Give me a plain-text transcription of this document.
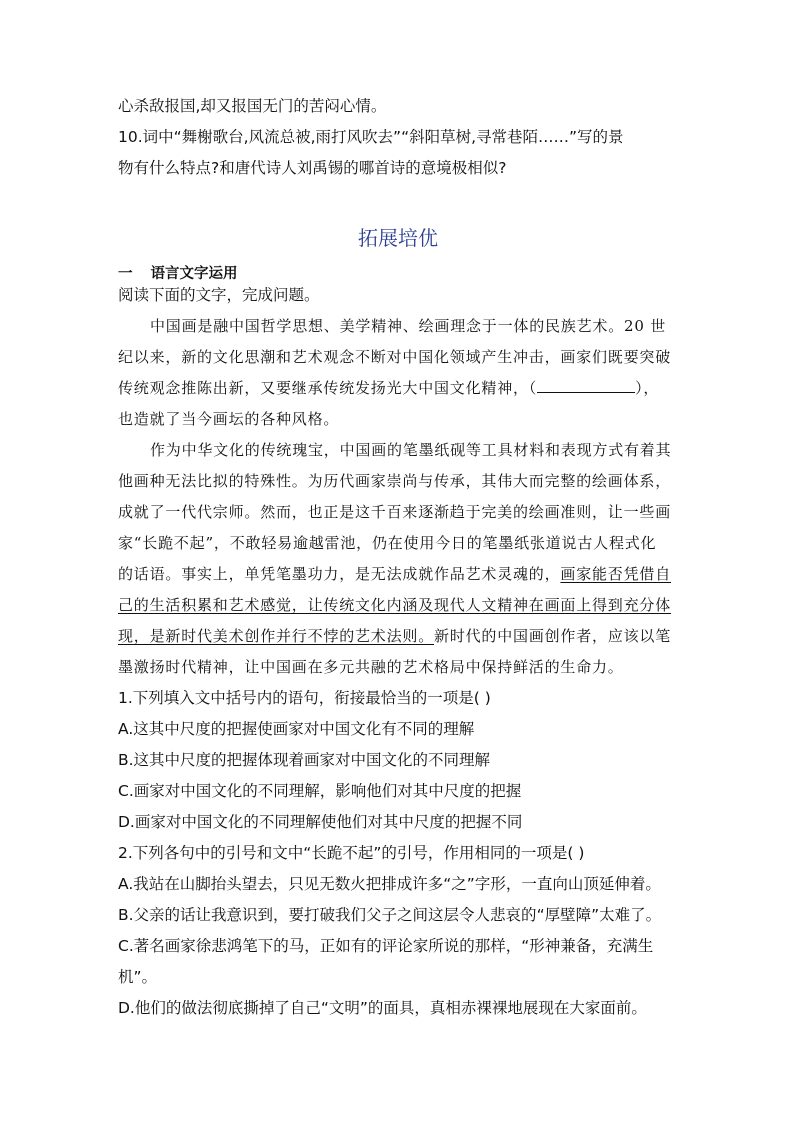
心杀敌报国,却又报国无门的苦闷心情。
10.词中“舞榭歌台,风流总被,雨打风吹去”“斜阳草树,寻常巷陌……”写的景
物有什么特点?和唐代诗人刘禹锡的哪首诗的意境极相似?
拓展培优
一 语言文字运用
阅读下面的文字，完成问题。
中国画是融中国哲学思想、美学精神、绘画理念于一体的民族艺术。20 世
纪以来，新的文化思潮和艺术观念不断对中国化领域产生冲击，画家们既要突破
传统观念推陈出新，又要继承传统发扬光大中国文化精神，（	），
也造就了当今画坛的各种风格。
作为中华文化的传统瑰宝，中国画的笔墨纸砚等工具材料和表现方式有着其
他画种无法比拟的特殊性。为历代画家崇尚与传承，其伟大而完整的绘画体系，
成就了一代代宗师。然而，也正是这千百来逐渐趋于完美的绘画准则，让一些画
家“长跪不起”，不敢轻易逾越雷池，仍在使用今日的笔墨纸张道说古人程式化
的话语。事实上，单凭笔墨功力，是无法成就作品艺术灵魂的，画家能否凭借自
己的生活积累和艺术感觉，让传统文化内涵及现代人文精神在画面上得到充分体
现，是新时代美术创作并行不悖的艺术法则。新时代的中国画创作者，应该以笔
墨激扬时代精神，让中国画在多元共融的艺术格局中保持鲜活的生命力。
1.下列填入文中括号内的语句，衔接最恰当的一项是( )
A.这其中尺度的把握使画家对中国文化有不同的理解
B.这其中尺度的把握体现着画家对中国文化的不同理解
C.画家对中国文化的不同理解，影响他们对其中尺度的把握
D.画家对中国文化的不同理解使他们对其中尺度的把握不同
2.下列各句中的引号和文中“长跪不起”的引号，作用相同的一项是( )
A.我站在山脚抬头望去，只见无数火把排成许多“之”字形，一直向山顶延伸着。
B.父亲的话让我意识到，要打破我们父子之间这层令人悲哀的“厚壁障”太难了。
C.著名画家徐悲鸿笔下的马，正如有的评论家所说的那样，“形神兼备，充满生
机”。
D.他们的做法彻底撕掉了自己“文明”的面具，真相赤裸裸地展现在大家面前。
